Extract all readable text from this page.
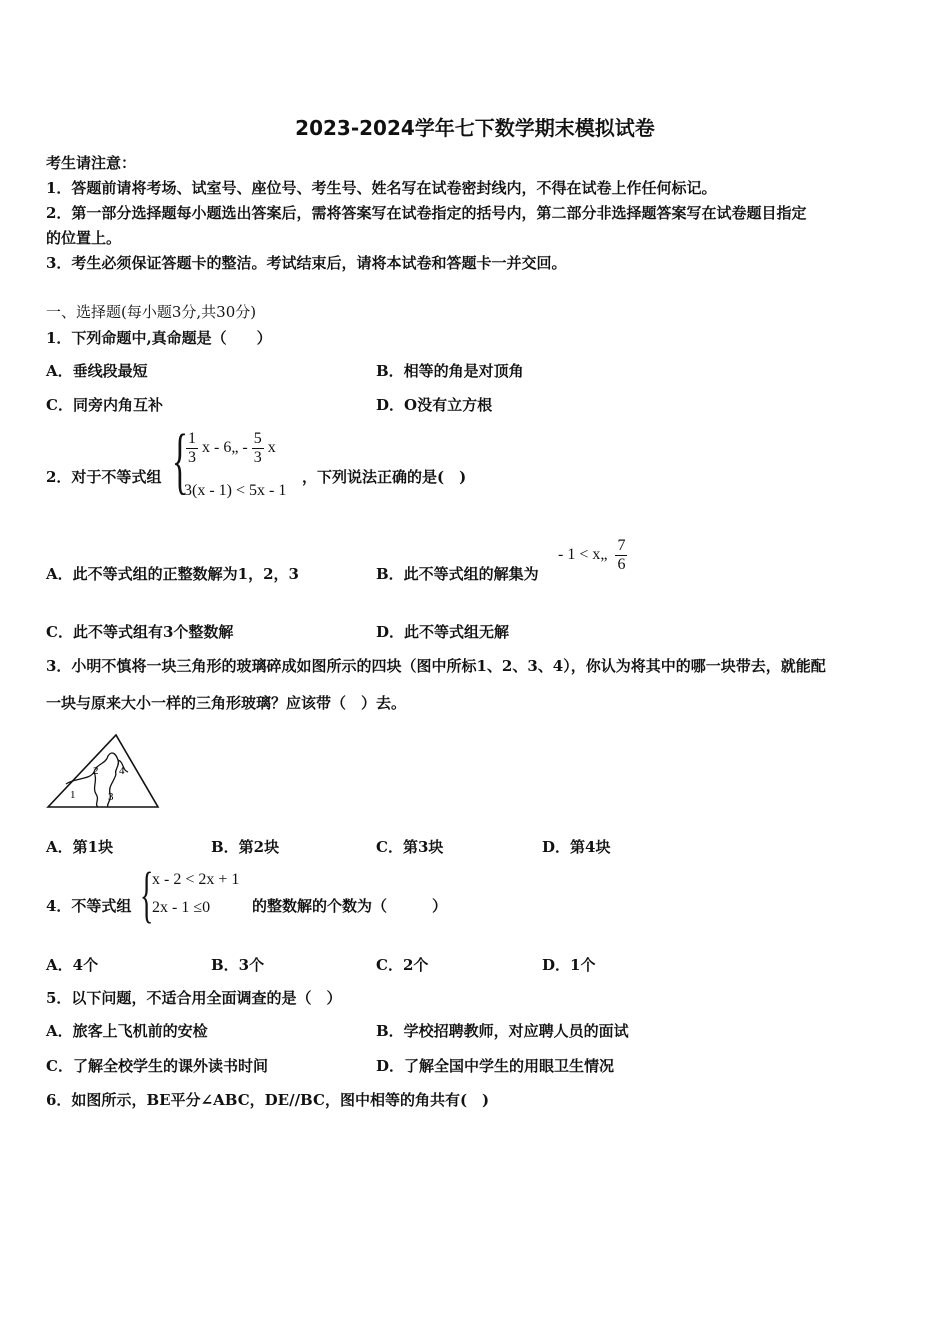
2023-2024学年七下数学期末模拟试卷
考生请注意：
1．答题前请将考场、试室号、座位号、考生号、姓名写在试卷密封线内，不得在试卷上作任何标记。
2．第一部分选择题每小题选出答案后，需将答案写在试卷指定的括号内，第二部分非选择题答案写在试卷题目指定
的位置上。
3．考生必须保证答题卡的整洁。考试结束后，请将本试卷和答题卡一并交回。
一、选择题(每小题3分,共30分)
1．下列命题中,真命题是（　　）
A．垂线段最短	B．相等的角是对顶角
C．同旁内角互补	D．O没有立方根
2．对于不等式组 {
$\frac{1}{3}$ x - 6„ - $\frac{5}{3}$ x
3(x - 1) < 5x - 1
，下列说法正确的是(　)
A．此不等式组的正整数解为1，2，3	B．此不等式组的解集为
- 1 < x„ $\frac{7}{6}$
C．此不等式组有3个整数解	D．此不等式组无解
3．小明不慎将一块三角形的玻璃碎成如图所示的四块（图中所标1、2、3、4），你认为将其中的哪一块带去，就能配
一块与原来大小一样的三角形玻璃？应该带（　）去。
1
2
3
4
A．第1块	B．第2块	C．第3块	D．第4块
4．不等式组 {
x - 2 < 2x + 1
2x - 1 ≤0	的整数解的个数为（　　　）
A．4个	B．3个	C．2个	D．1个
5．以下问题，不适合用全面调查的是（　）
A．旅客上飞机前的安检	B．学校招聘教师，对应聘人员的面试
C．了解全校学生的课外读书时间	D．了解全国中学生的用眼卫生情况
6．如图所示，BE平分∠ABC，DE//BC，图中相等的角共有(　)
